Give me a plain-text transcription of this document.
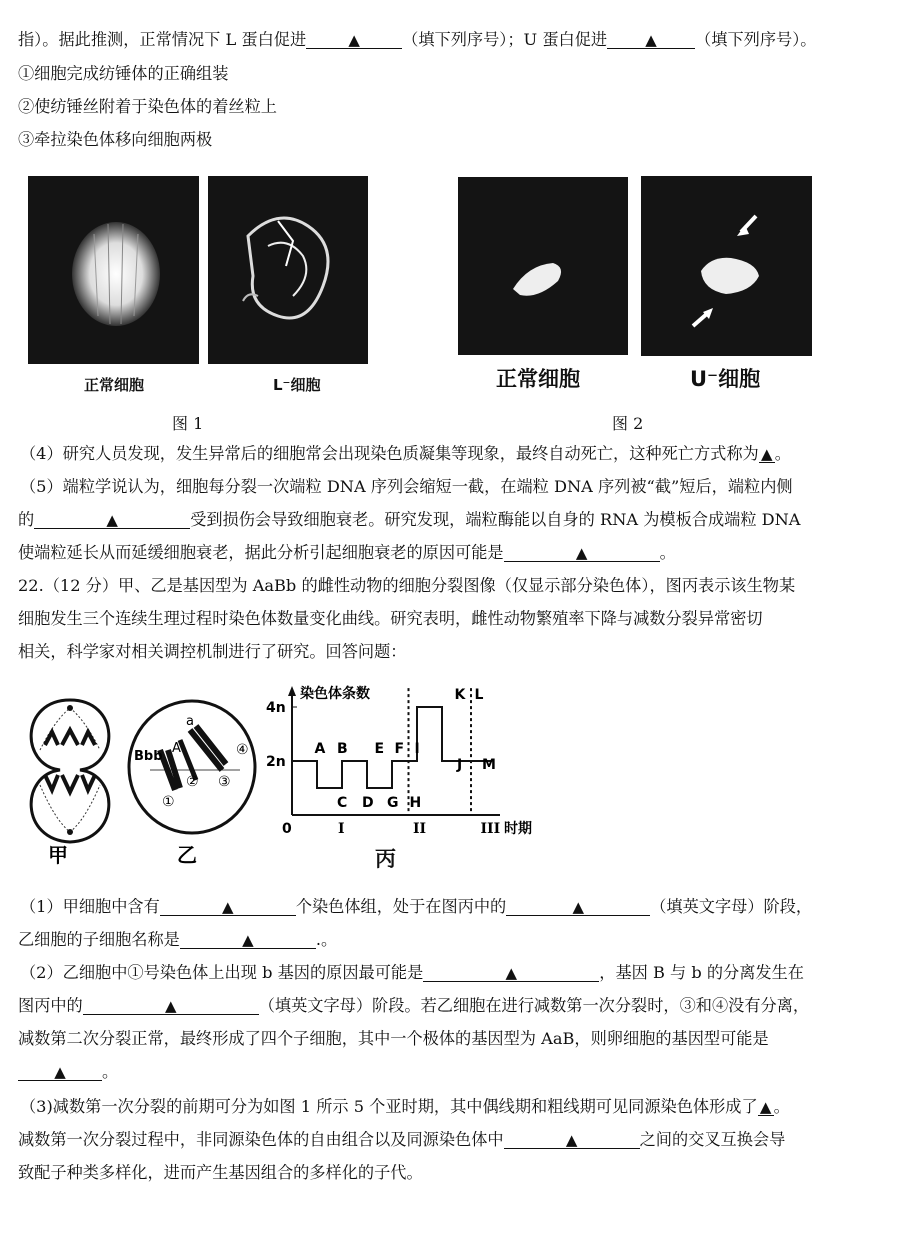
指）。据此推测，正常情况下 L 蛋白促进	▲	（填下列序号）；U 蛋白促进	▲ （填下列序号）。
①细胞完成纺锤体的正确组装
②使纺锤丝附着于染色体的着丝粒上
③牵拉染色体移向细胞两极
正常细胞	L⁻细胞	正常细胞	U⁻细胞
图 1	图 2
（4）研究人员发现，发生异常后的细胞常会出现染色质凝集等现象，最终自动死亡，这种死亡方式称为 ▲ 。
（5）端粒学说认为，细胞每分裂一次端粒 DNA 序列会缩短一截，在端粒 DNA 序列被“截”短后，端粒内侧
的	▲	受到损伤会导致细胞衰老。研究发现，端粒酶能以自身的 RNA 为模板合成端粒 DNA
使端粒延长从而延缓细胞衰老，据此分析引起细胞衰老的原因可能是	▲	。
22.（12 分）甲、乙是基因型为 AaBb 的雌性动物的细胞分裂图像（仅显示部分染色体），图丙表示该生物某
细胞发生三个连续生理过程时染色体数量变化曲线。研究表明，雌性动物繁殖率下降与减数分裂异常密切
相关，科学家对相关调控机制进行了研究。回答问题：
a
A
Bbb
①
② ③
④
甲	乙
染色体条数
时期
0
2n
4n
I	II	III
A B
C D
E F
G H
I
J
K L
M
丙
（1）甲细胞中含有	▲	个染色体组，处于在图丙中的	▲	（填英文字母）阶段，
乙细胞的子细胞名称是	▲	.。
（2）乙细胞中①号染色体上出现 b 基因的原因最可能是	▲	，基因 B 与 b 的分离发生在
图丙中的	▲	（填英文字母）阶段。若乙细胞在进行减数第一次分裂时，③和④没有分离，
减数第二次分裂正常，最终形成了四个子细胞，其中一个极体的基因型为 AaB，则卵细胞的基因型可能是
▲ 。
（3)减数第一次分裂的前期可分为如图 1 所示 5 个亚时期，其中偶线期和粗线期可见同源染色体形成了 ▲ 。
减数第一次分裂过程中，非同源染色体的自由组合以及同源染色体中	▲	之间的交叉互换会导
致配子种类多样化，进而产生基因组合的多样化的子代。
